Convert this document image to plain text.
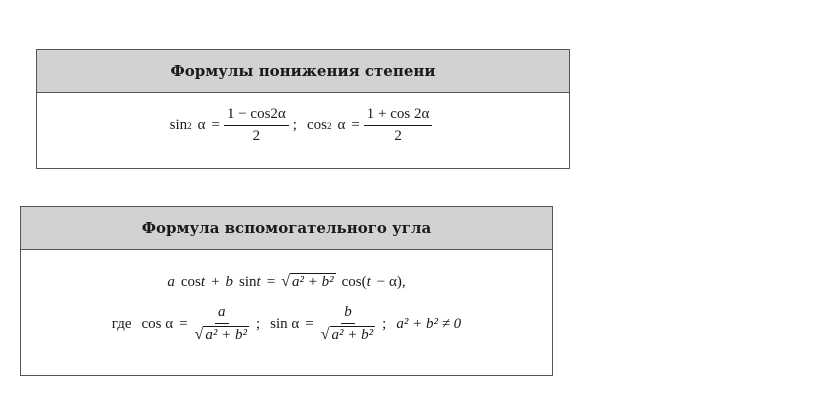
Формулы понижения степени
sin 2 $\alpha = \frac{1 - \cos 2\alpha}{2}$ ; cos 2 $\alpha = \frac{1 + \cos 2\alpha}{2}$
Формула вспомогательного угла
a cos t + b sin t = √ a² + b² cos( t − α),
где $\cos \alpha = \frac{a}{\text{√ a² + b²}}$ ; $\sin \alpha = \frac{b}{\text{√ a² + b²}}$ ; a² + b² ≠ 0
